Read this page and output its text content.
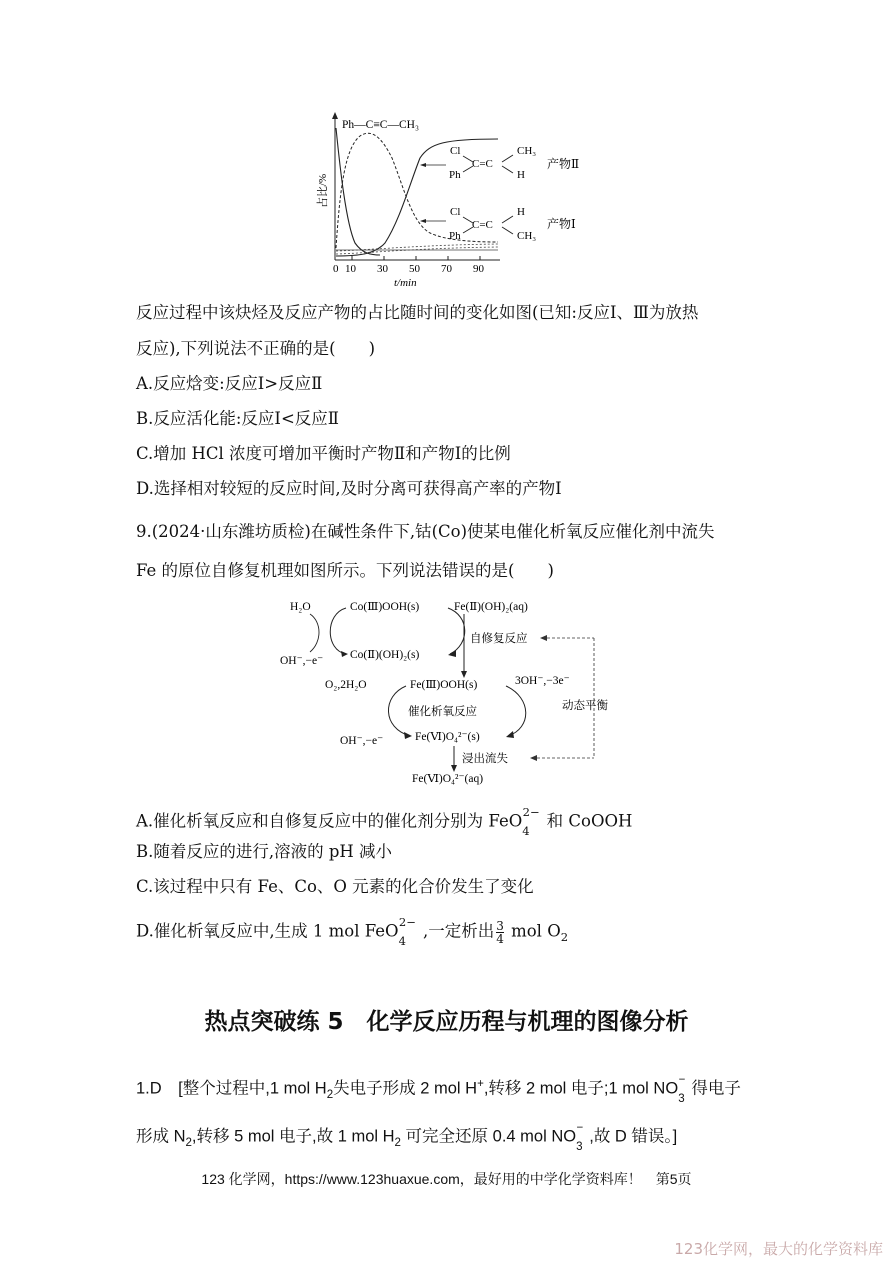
0 10 30 50 70 90
t/min
占比/%
Ph—C≡C—CH₃
Cl
Ph
C=C
CH₃
H
产物Ⅱ
Cl
Ph
C=C
H
CH₃
产物Ⅰ
反应过程中该炔烃及反应产物的占比随时间的变化如图(已知:反应Ⅰ、Ⅲ为放热
反应),下列说法不正确的是(　　)
A.反应焓变:反应Ⅰ>反应Ⅱ
B.反应活化能:反应Ⅰ<反应Ⅱ
C.增加 HCl 浓度可增加平衡时产物Ⅱ和产物Ⅰ的比例
D.选择相对较短的反应时间,及时分离可获得高产率的产物Ⅰ
9.(2024·山东潍坊质检)在碱性条件下,钴(Co)使某电催化析氧反应催化剂中流失
Fe 的原位自修复机理如图所示。下列说法错误的是(　　)
H₂O
OH⁻,−e⁻
Co(Ⅲ)OOH(s)
Co(Ⅱ)(OH)₂(s)
Fe(Ⅱ)(OH)₂(aq)
自修复反应
O₂,2H₂O	Fe(Ⅲ)OOH(s)
催化析氧反应
3OH⁻,−3e⁻
动态平衡
Fe(Ⅵ)O₄²⁻(s)
OH⁻,−e⁻
浸出流失
Fe(Ⅵ)O₄²⁻(aq)
A.催化析氧反应和自修复反应中的催化剂分别为 FeO$_4^{2-}$ 和 CoOOH
B.随着反应的进行,溶液的 pH 减小
C.该过程中只有 Fe、Co、O 元素的化合价发生了变化
D.催化析氧反应中,生成 1 mol FeO$_4^{2-}$ ,一定析出 $\frac{3}{4}$ mol $O_2$
热点突破练 5　化学反应历程与机理的图像分析
1.D　[整个过程中,1 mol $H_2$失电子形成 2 mol H+,转移 2 mol 电子;1 mol $NO_3^-$ 得电子
形成 $N_2$,转移 5 mol 电子,故 1 mol $H_2$ 可完全还原 0.4 mol $NO_3^-$ ,故 D 错误。]
123 化学网，https://www.123huaxue.com，最好用的中学化学资料库！　第5页
123化学网，最大的化学资料库
